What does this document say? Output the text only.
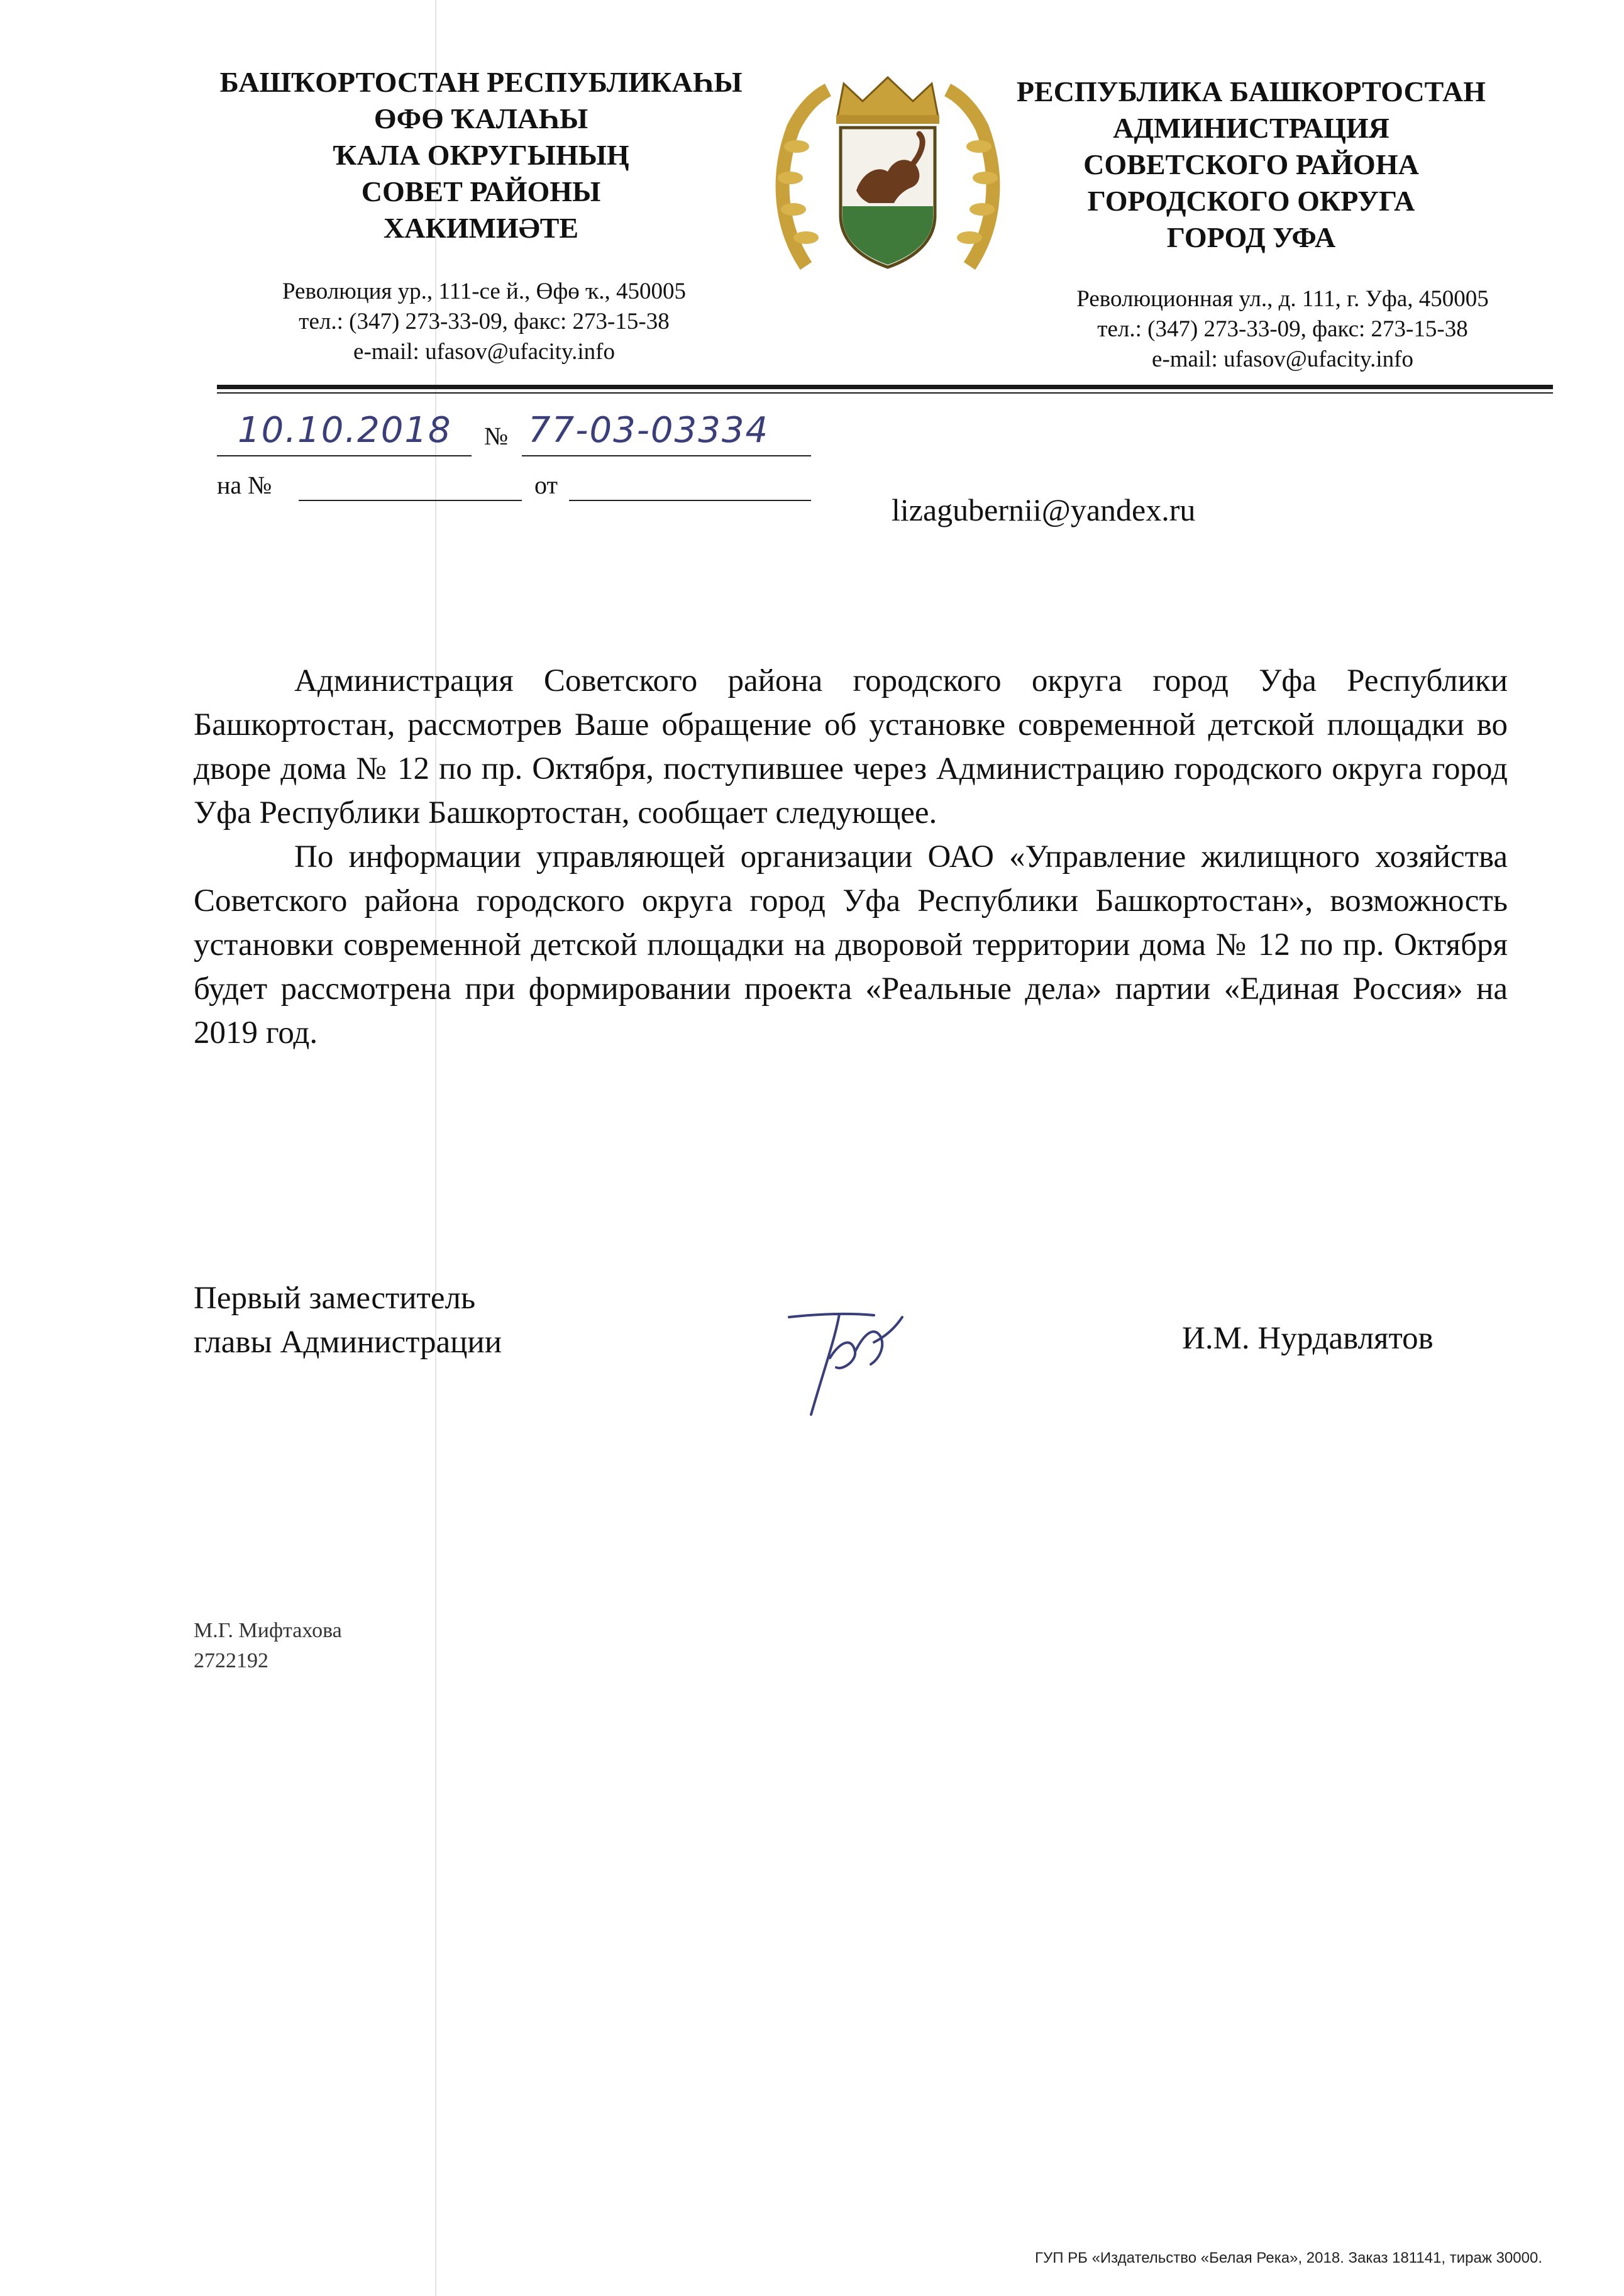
БАШҠОРТОСТАН РЕСПУБЛИКАҺЫ
ӨФӨ ҠАЛАҺЫ
ҠАЛА ОКРУГЫНЫҢ
СОВЕТ РАЙОНЫ
ХАКИМИӘТЕ
Революция ур., 111-се й., Өфө ҡ., 450005
тел.: (347) 273-33-09, факс: 273-15-38
e-mail: ufasov@ufacity.info
РЕСПУБЛИКА БАШКОРТОСТАН
АДМИНИСТРАЦИЯ
СОВЕТСКОГО РАЙОНА
ГОРОДСКОГО ОКРУГА
ГОРОД УФА
Революционная ул., д. 111, г. Уфа, 450005
тел.: (347) 273-33-09, факс: 273-15-38
e-mail: ufasov@ufacity.info
10.10.2018 № 77-03-03334
на №	от
lizagubernii@yandex.ru

Администрация Советского района городского округа город Уфа Республики Башкортостан, рассмотрев Ваше обращение об установке современной детской площадки во дворе дома № 12 по пр. Октября, поступившее через Администрацию городского округа город Уфа Республики Башкортостан, сообщает следующее.

По информации управляющей организации ОАО «Управление жилищного хозяйства Советского района городского округа город Уфа Республики Башкортостан», возможность установки современной детской площадки на дворовой территории дома № 12 по пр. Октября будет рассмотрена при формировании проекта «Реальные дела» партии «Единая Россия» на 2019 год.

Первый заместитель
главы Администрации	И.М. Нурдавлятов
М.Г. Мифтахова
2722192
ГУП РБ «Издательство «Белая Река», 2018. Заказ 181141, тираж 30000.
